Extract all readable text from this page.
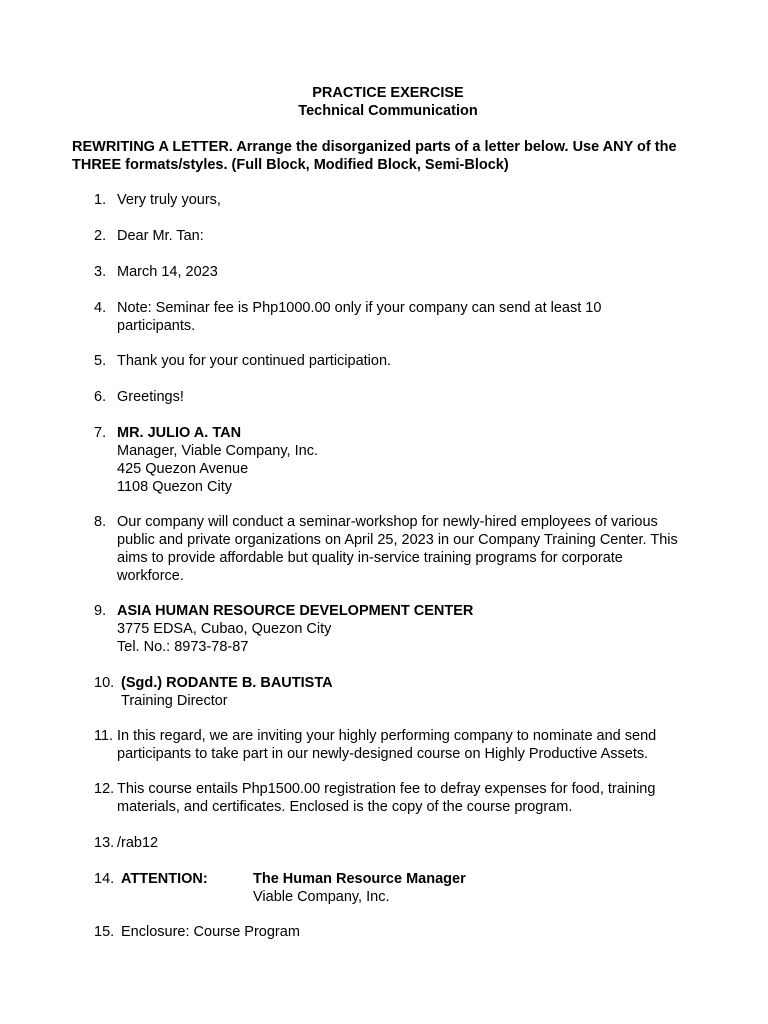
PRACTICE EXERCISE
Technical Communication
REWRITING A LETTER. Arrange the disorganized parts of a letter below. Use ANY of the
THREE formats/styles. (Full Block, Modified Block, Semi-Block)
1. Very truly yours,
2. Dear Mr. Tan:
3. March 14, 2023
4. Note: Seminar fee is Php1000.00 only if your company can send at least 10
participants.
5. Thank you for your continued participation.
6. Greetings!
7. MR. JULIO A. TAN
Manager, Viable Company, Inc.
425 Quezon Avenue
1108 Quezon City
8. Our company will conduct a seminar-workshop for newly-hired employees of various
public and private organizations on April 25, 2023 in our Company Training Center. This
aims to provide affordable but quality in-service training programs for corporate
workforce.
9. ASIA HUMAN RESOURCE DEVELOPMENT CENTER
3775 EDSA, Cubao, Quezon City
Tel. No.: 8973-78-87
10. (Sgd.) RODANTE B. BAUTISTA
Training Director
11. In this regard, we are inviting your highly performing company to nominate and send
participants to take part in our newly-designed course on Highly Productive Assets.
12. This course entails Php1500.00 registration fee to defray expenses for food, training
materials, and certificates. Enclosed is the copy of the course program.
13. /rab12
14. ATTENTION:	The Human Resource Manager
Viable Company, Inc.
15. Enclosure: Course Program
